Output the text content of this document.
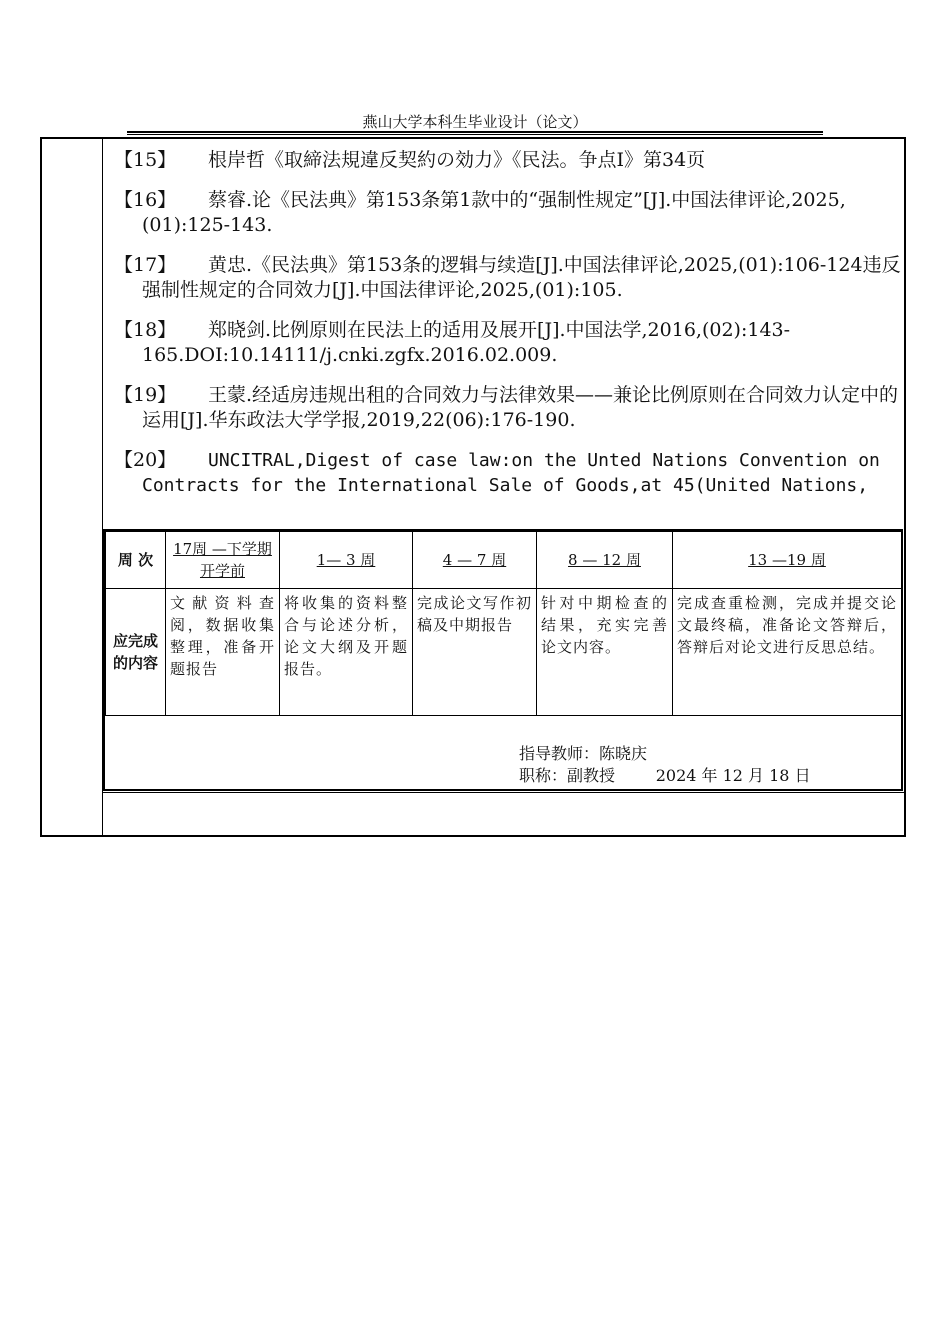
燕山大学本科生毕业设计（论文）
【15】 根岸哲《取締法規違反契約の効力》《民法。争点I》第34页
【16】 蔡睿.论《民法典》第153条第1款中的“强制性规定”[J].中国法律评论,2025,(01):125-143.
【17】 黄忠.《民法典》第153条的逻辑与续造[J].中国法律评论,2025,(01):106-124违反强制性规定的合同效力[J].中国法律评论,2025,(01):105.
【18】 郑晓剑.比例原则在民法上的适用及展开[J].中国法学,2016,(02):143-165.DOI:10.14111/j.cnki.zgfx.2016.02.009.
【19】 王蒙.经适房违规出租的合同效力与法律效果——兼论比例原则在合同效力认定中的运用[J].华东政法大学学报,2019,22(06):176-190.
【20】 UNCITRAL,Digest of case law:on the Unted Nations Convention on Contracts for the International Sale of Goods,at 45(United Nations,
周 次	17周 —下学期开学前	1— 3 周	4 — 7 周	8 — 12 周	13 —19 周
应完成的内容	文献资料查阅，数据收集整理，准备开题报告	将收集的资料整合与论述分析，论文大纲及开题报告。	完成论文写作初稿及中期报告	针对中期检查的结果，充实完善论文内容。	完成查重检测，完成并提交论文最终稿，准备论文答辩后，答辩后对论文进行反思总结。
指导教师：陈晓庆
职称：副教授	2024 年 12 月 18 日
